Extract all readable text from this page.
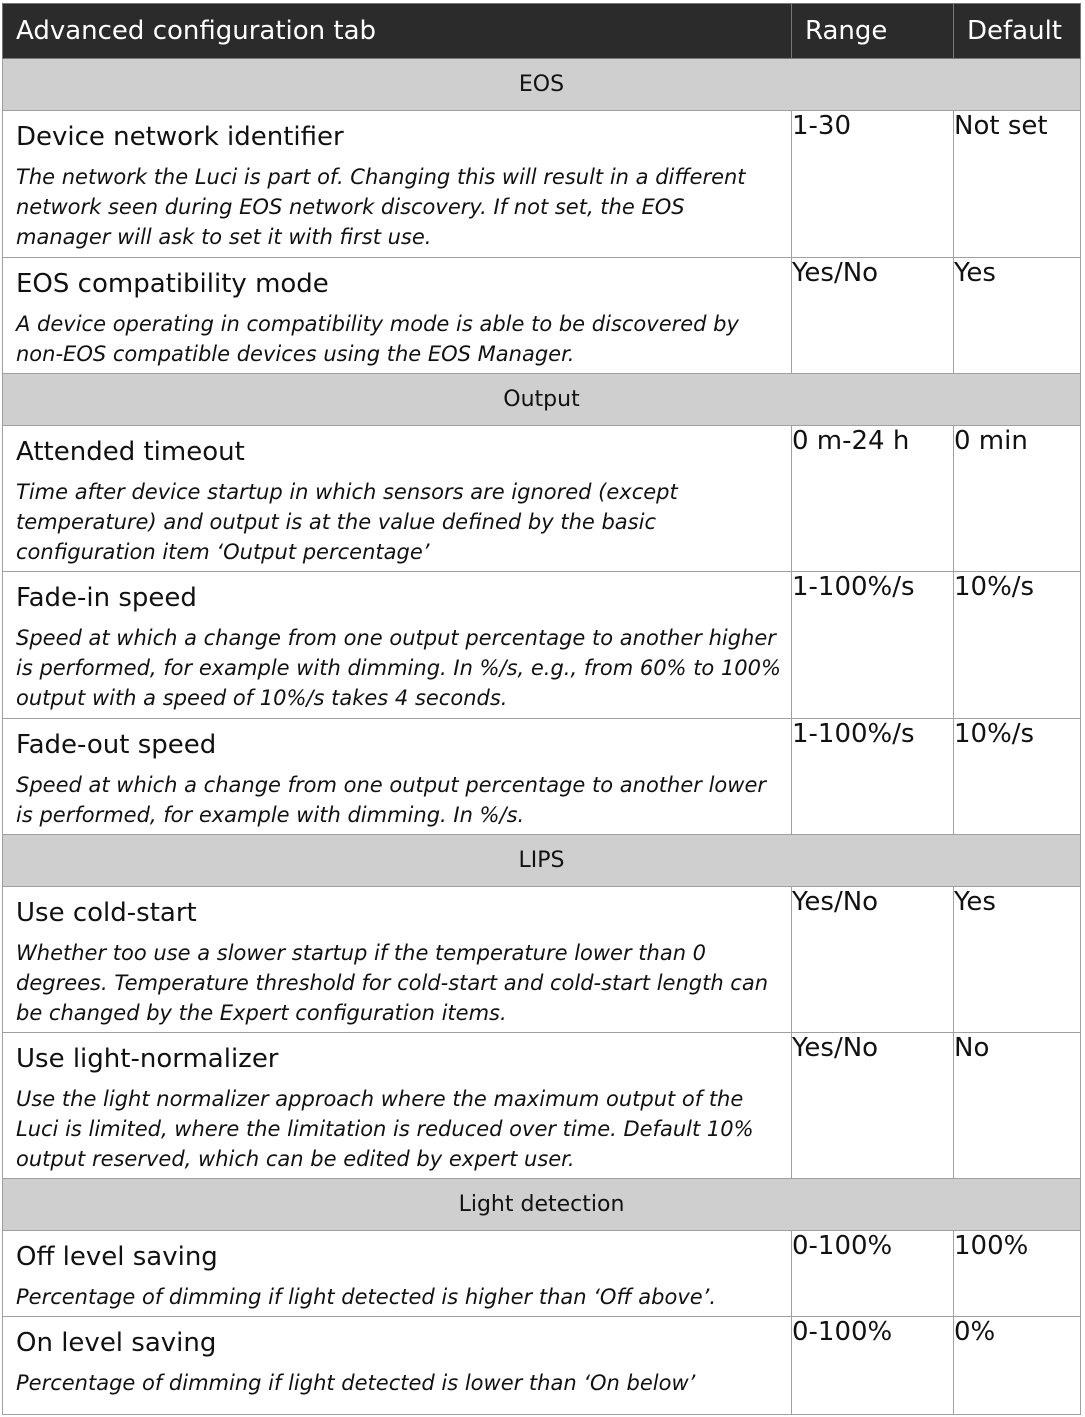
Advanced configuration tab	Range	Default
EOS		

Device network identifier
The network the Luci is part of. Changing this will result in a different network seen during EOS network discovery. If not set, the EOS manager will ask to set it with first use.	1-30	Not set

EOS compatibility mode
A device operating in compatibility mode is able to be discovered by non-EOS compatible devices using the EOS Manager.	Yes/No	Yes
Output		

Attended timeout
Time after device startup in which sensors are ignored (except temperature) and output is at the value defined by the basic configuration item ‘Output percentage’	0 m-24 h	0 min

Fade-in speed
Speed at which a change from one output percentage to another higher is performed, for example with dimming. In %/s, e.g., from 60% to 100% output with a speed of 10%/s takes 4 seconds.	1-100%/s	10%/s

Fade-out speed
Speed at which a change from one output percentage to another lower is performed, for example with dimming. In %/s.	1-100%/s	10%/s
LIPS		

Use cold-start
Whether too use a slower startup if the temperature lower than 0 degrees. Temperature threshold for cold-start and cold-start length can be changed by the Expert configuration items.	Yes/No	Yes

Use light-normalizer
Use the light normalizer approach where the maximum output of the Luci is limited, where the limitation is reduced over time. Default 10% output reserved, which can be edited by expert user.	Yes/No	No
Light detection		

Off level saving
Percentage of dimming if light detected is higher than ‘Off above’.	0-100%	100%

On level saving
Percentage of dimming if light detected is lower than ‘On below’	0-100%	0%
